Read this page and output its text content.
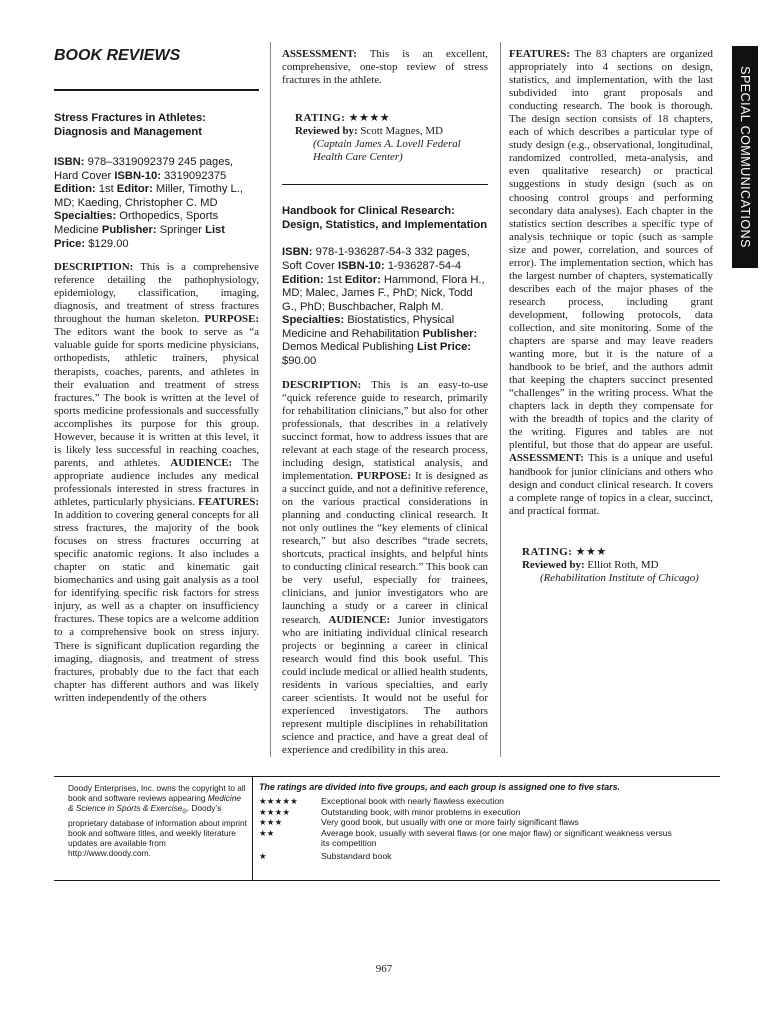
SPECIAL COMMUNICATIONS
BOOK REVIEWS
Stress Fractures in Athletes: Diagnosis and Management
ISBN: 978–3319092379 245 pages, Hard Cover ISBN-10: 3319092375 Edition: 1st Editor: Miller, Timothy L., MD; Kaeding, Christopher C. MD Specialties: Orthopedics, Sports Medicine Publisher: Springer List Price: $129.00

DESCRIPTION: This is a comprehensive reference detailing the pathophysiology, epidemiology, classification, imaging, diagnosis, and treatment of stress fractures throughout the human skeleton. PURPOSE: The editors want the book to serve as “a valuable guide for sports medicine physicians, orthopedists, athletic trainers, physical therapists, coaches, parents, and athletes in their evaluation and treatment of stress fractures.” The book is written at the level of sports medicine professionals and successfully accomplishes its purpose for this group. However, because it is written at this level, it is likely less successful in reaching coaches, parents, and athletes. AUDIENCE: The appropriate audience includes any medical professionals interested in stress fractures in athletes, particularly physicians. FEATURES: In addition to covering general concepts for all stress fractures, the majority of the book focuses on stress fractures occurring at specific anatomic regions. It also includes a chapter on static and kinematic gait biomechanics and using gait analysis as a tool for identifying specific risk factors for stress injury, as well as a chapter on insufficiency fractures. These topics are a welcome addition to a comprehensive book on stress injury. There is significant duplication regarding the imaging, diagnosis, and treatment of stress fractures, probably due to the fact that each chapter has different authors and was likely written independently of the others

ASSESSMENT: This is an excellent, comprehensive, one-stop review of stress fractures in the athlete.

RATING: ★★★★
Reviewed by: Scott Magnes, MD
(Captain James A. Lovell Federal Health Care Center)
Handbook for Clinical Research: Design, Statistics, and Implementation
ISBN: 978-1-936287-54-3 332 pages, Soft Cover ISBN-10: 1-936287-54-4 Edition: 1st Editor: Hammond, Flora H., MD; Malec, James F., PhD; Nick, Todd G., PhD; Buschbacher, Ralph M. Specialties: Biostatistics, Physical Medicine and Rehabilitation Publisher: Demos Medical Publishing List Price: $90.00

DESCRIPTION: This is an easy-to-use “quick reference guide to research, primarily for rehabilitation clinicians,” but also for other professionals, that describes in a relatively succinct format, how to address issues that are relevant at each stage of the research process, including design, statistical analysis, and implementation. PURPOSE: It is designed as a succinct guide, and not a definitive reference, on the various practical considerations in planning and conducting clinical research. It not only outlines the “key elements of clinical research,” but also describes “trade secrets, shortcuts, practical insights, and helpful hints to conducting clinical research.” This book can be very useful, especially for trainees, clinicians, and junior investigators who are launching a study or a career in clinical research. AUDIENCE: Junior investigators who are initiating individual clinical research projects or beginning a career in clinical research would find this book useful. This could include medical or allied health students, residents in various specialties, and early career scientists. It would not be useful for experienced investigators. The authors represent multiple disciplines in rehabilitation science and practice, and have a great deal of experience and credibility in this area.

FEATURES: The 83 chapters are organized appropriately into 4 sections on design, statistics, and implementation, with the last subdivided into grant proposals and conducting research. The book is thorough. The design section consists of 18 chapters, each of which describes a particular type of study design (e.g., observational, longitudinal, randomized controlled, meta-analysis, and even qualitative research) or practical suggestions in study design (such as on choosing control groups and performing secondary data analyses). Each chapter in the statistics section describes a specific type of analysis technique or topic (such as sample size and power, correlation, and sources of error). The implementation section, which has the largest number of chapters, systematically describes each of the major phases of the research process, including grant development, following protocols, data collection, and site monitoring. Some of the chapters are sparse and may leave readers wanting more, but it is the nature of a handbook to be brief, and the authors admit that keeping the chapters succinct presented “challenges” in the writing process. What the chapters lack in depth they compensate for with the breadth of topics and the clarity of the writing. Figures and tables are not plentiful, but those that do appear are useful. ASSESSMENT: This is a unique and useful handbook for junior clinicians and others who design and conduct clinical research. It covers a complete range of topics in a clear, succinct, and practical format.

RATING: ★★★
Reviewed by: Elliot Roth, MD
(Rehabilitation Institute of Chicago)
Doody Enterprises, Inc. owns the copyright to all book and software reviews appearing Medicine & Science in Sports & Exercise$_®$. Doody’s proprietary database of information about imprint book and software titles, and weekly literature updates are available from http://www.doody.com.
The ratings are divided into five groups, and each group is assigned one to five stars.
★★★★★	Exceptional book with nearly flawless execution
★★★★	Outstanding book, with minor problems in execution
★★★	Very good book, but usually with one or more fairly significant flaws
★★	Average book, usually with several flaws (or one major flaw) or significant weakness versus its competition
★	Substandard book
967
